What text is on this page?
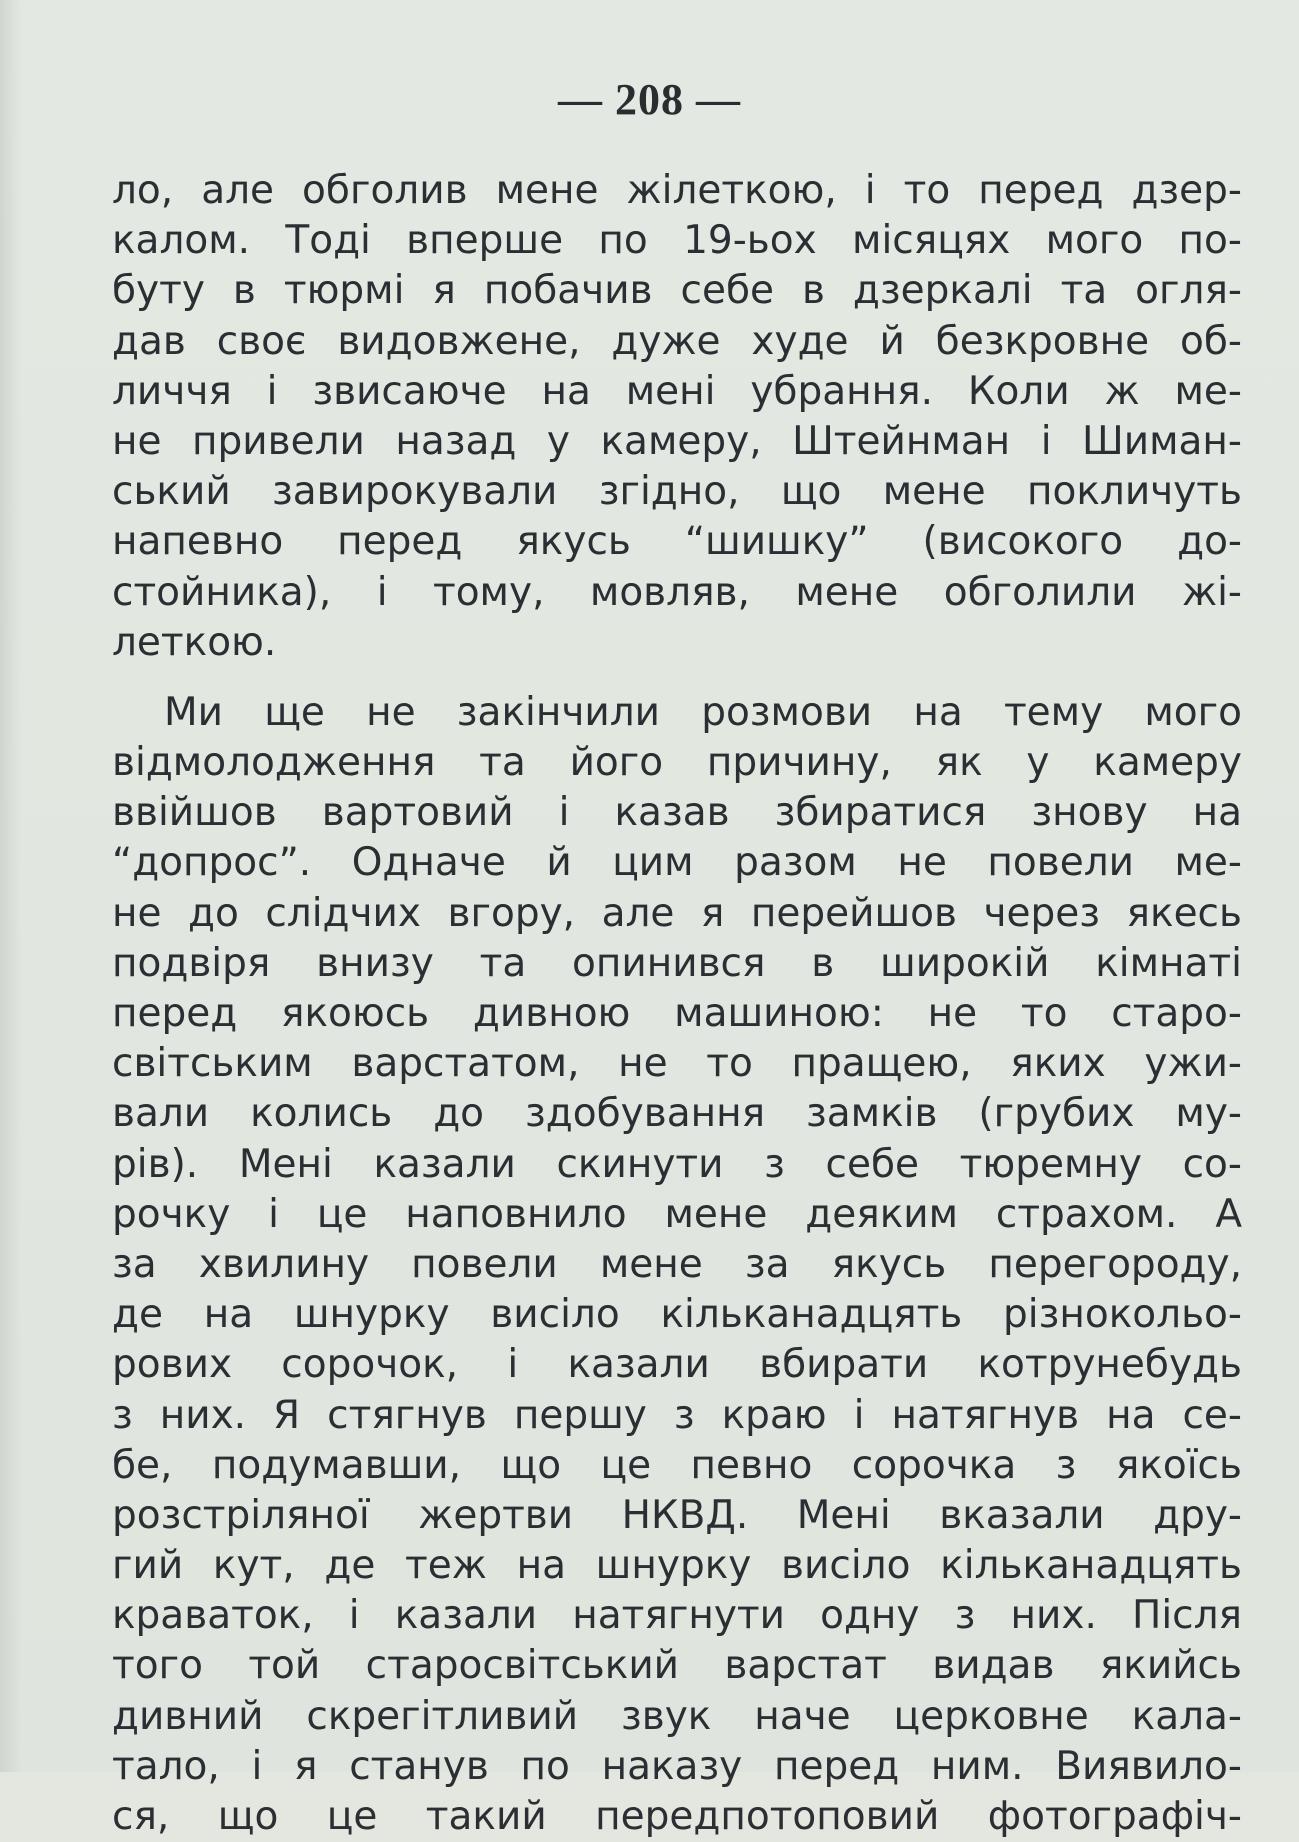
— 208 —
ло, але обголив мене жілеткою, і то перед дзер-
калом. Тоді вперше по 19-ьох місяцях мого по-
буту в тюрмі я побачив себе в дзеркалі та огля-
дав своє видовжене, дуже худе й безкровне об-
личчя і звисаюче на мені убрання. Коли ж ме-
не привели назад у камеру, Штейнман і Шиман-
ський завирокували згідно, що мене покличуть
напевно перед якусь “шишку” (високого до-
стойника), і тому, мовляв, мене обголили жі-
леткою.
Ми ще не закінчили розмови на тему мого
відмолодження та його причину, як у камеру
ввійшов вартовий і казав збиратися знову на
“допрос”. Одначе й цим разом не повели ме-
не до слідчих вгору, але я перейшов через якесь
подвіря внизу та опинився в широкій кімнаті
перед якоюсь дивною машиною: не то старо-
світським варстатом, не то пращею, яких ужи-
вали колись до здобування замків (грубих му-
рів). Мені казали скинути з себе тюремну со-
рочку і це наповнило мене деяким страхом. А
за хвилину повели мене за якусь перегороду,
де на шнурку висіло кільканадцять різнокольо-
рових сорочок, і казали вбирати котрунебудь
з них. Я стягнув першу з краю і натягнув на се-
бе, подумавши, що це певно сорочка з якоїсь
розстріляної жертви НКВД. Мені вказали дру-
гий кут, де теж на шнурку висіло кільканадцять
краваток, і казали натягнути одну з них. Після
того той старосвітський варстат видав якийсь
дивний скрегітливий звук наче церковне кала-
тало, і я станув по наказу перед ним. Виявило-
ся, що це такий передпотоповий фотографіч-
